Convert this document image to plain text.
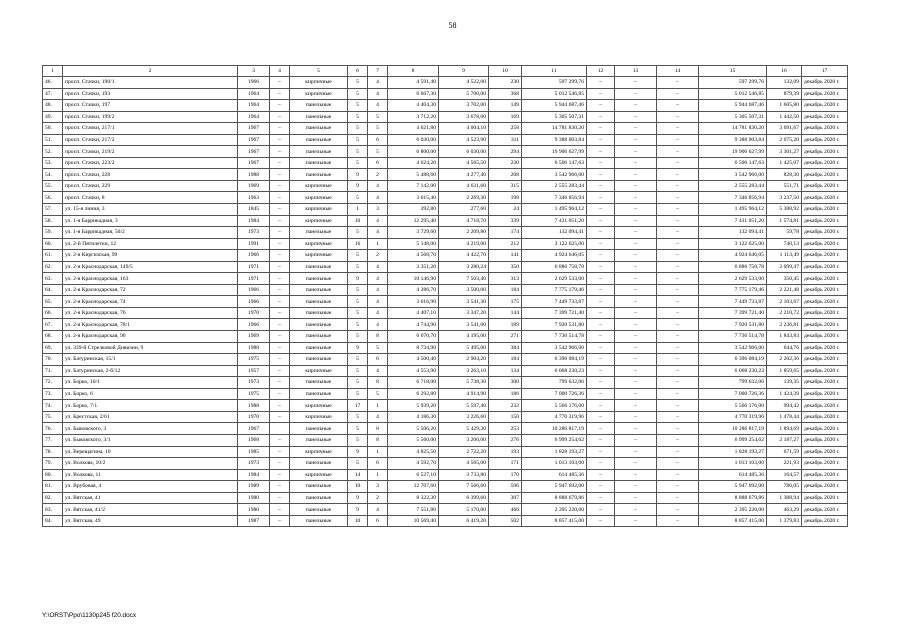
58
1	2	3	4	5	6	7	8	9	10	11	12	13	14	15	16	17
46.	просп. Стачки, 190/1	1966	–	кирпичные	5	4	4 591,40	4 522,00	230	597 299,76	–	–	–	597 299,76	132,09	декабрь 2020 г.
47.	просп. Стачки, 193	1964	–	кирпичные	5	4	6 667,30	5 700,00	368	5 012 546,85	–	–	–	5 012 546,85	879,39	декабрь 2020 г.
48.	просп. Стачки, 197	1964	–	панельные	5	4	4 404,30	3 702,00	149	5 944 687,46	–	–	–	5 944 687,46	1 605,80	декабрь 2020 г.
49.	просп. Стачки, 199/2	1964	–	панельные	5	5	3 712,20	3 678,00	169	5 305 507,31	–	–	–	5 305 507,31	1 442,50	декабрь 2020 г.
50.	просп. Стачки, 217/1	1967	–	панельные	5	5	4 621,80	4 004,10	258	14 781 830,20	–	–	–	14 781 830,20	3 691,67	декабрь 2020 г.
51.	просп. Стачки, 217/2	1967	–	панельные	5	6	6 030,00	4 523,90	311	9 388 003,84	–	–	–	9 388 003,84	2 075,20	декабрь 2020 г.
52.	просп. Стачки, 219/2	1967	–	панельные	5	5	6 800,00	6 030,00	294	19 906 627,99	–	–	–	19 906 627,99	3 301,27	декабрь 2020 г.
53.	просп. Стачки, 223/2	1967	–	панельные	5	6	4 624,20	4 565,50	230	6 506 147,63	–	–	–	6 506 147,63	1 425,07	декабрь 2020 г.
54.	просп. Стачки, 228	1988	–	панельные	9	2	5 488,60	4 277,40	208	3 542 966,00	–	–	–	3 542 966,00	828,30	декабрь 2020 г.
55.	просп. Стачки, 229	1969	–	кирпичные	9	4	7 142,00	4 631,60	315	2 555 283,44	–	–	–	2 555 283,44	551,71	декабрь 2020 г.
56.	просп. Стачки, 8	1963	–	кирпичные	5	4	3 615,40	2 269,30	198	7 346 856,94	–	–	–	7 346 856,94	3 237,50	декабрь 2020 г.
57.	ул. 15-я линия, 3	1845	–	кирпичные	1	3	392,80	277,60	24	1 495 964,12	–	–	–	1 495 964,12	5 388,92	декабрь 2020 г.
58.	ул. 1-я Баррикадная, 3	1984	–	кирпичные	10	4	12 295,40	4 718,70	339	7 431 051,20	–	–	–	7 431 051,20	1 574,81	декабрь 2020 г.
59.	ул. 1-я Баррикадная, 50/2	1973	–	панельные	5	4	3 729,60	2 209,80	174	132 094,41	–	–	–	132 094,41	59,78	декабрь 2020 г.
60.	ул. 2-й Пятилетки, 12	1991	–	кирпичные	16	1	5 148,00	4 219,00	212	3 122 625,00	–	–	–	3 122 625,00	740,13	декабрь 2020 г.
61.	ул. 2-я Киргизская, 99	1966	–	кирпичные	5	2	4 568,70	4 422,70	141	4 924 646,05	–	–	–	4 924 646,05	1 113,49	декабрь 2020 г.
62.	ул. 2-я Краснодарская, 149/5	1971	–	панельные	5	4	3 351,20	3 280,24	350	6 886 758,78	–	–	–	6 886 758,78	2 099,47	декабрь 2020 г.
63.	ул. 2-я Краснодарская, 163	1971	–	панельные	9	4	10 146,90	7 503,40	313	2 629 533,00	–	–	–	2 629 533,00	350,45	декабрь 2020 г.
64.	ул. 2-я Краснодарская, 72	1966	–	панельные	5	4	4 286,70	3 500,00	184	7 775 179,46	–	–	–	7 775 179,46	2 221,48	декабрь 2020 г.
65.	ул. 2-я Краснодарская, 74	1966	–	панельные	5	4	3 616,90	3 541,30	175	7 449 733,87	–	–	–	7 449 733,87	2 103,67	декабрь 2020 г.
66.	ул. 2-я Краснодарская, 76	1970	–	панельные	5	4	4 407,10	3 347,20	144	7 399 721,40	–	–	–	7 399 721,40	2 210,72	декабрь 2020 г.
67.	ул. 2-я Краснодарская, 78/1	1966	–	панельные	5	4	4 744,90	3 541,00	189	7 920 531,80	–	–	–	7 920 531,80	2 236,81	декабрь 2020 г.
68.	ул. 2-я Краснодарская, 90	1969	–	панельные	5	8	6 070,70	4 195,00	271	7 736 514,78	–	–	–	7 736 514,78	1 843,83	декабрь 2020 г.
69.	ул. 339-й Стрелковой Дивизии, 9	1988	–	панельные	9	5	8 734,90	5 495,00	384	3 542 966,00	–	–	–	3 542 966,00	644,76	декабрь 2020 г.
70.	ул. Батуринская, 15/1	1975	–	панельные	5	6	4 500,40	2 904,20	184	6 396 084,19	–	–	–	6 396 084,19	2 202,36	декабрь 2020 г.
71.	ул. Батуринская, 2-б/12	1957	–	кирпичные	5	4	4 553,90	3 263,10	134	6 068 230,23	–	–	–	6 068 230,23	1 859,65	декабрь 2020 г.
72.	ул. Борко, 10/1	1973	–	панельные	5	8	6 718,00	5 738,30	300	799 632,06	–	–	–	799 632,06	139,35	декабрь 2020 г.
73.	ул. Борко, 6	1975	–	панельные	5	5	6 292,80	4 914,90	186	7 000 726,36	–	–	–	7 000 726,36	1 424,39	декабрь 2020 г.
74.	ул. Борко, 7/1	1988	–	кирпичные	17	1	5 939,20	5 597,40	232	5 566 176,00	–	–	–	5 566 176,00	994,42	декабрь 2020 г.
75.	ул. Брестская, 2/61	1970	–	кирпичные	5	4	4 186,30	3 226,60	150	4 770 319,96	–	–	–	4 770 319,96	1 478,44	декабрь 2020 г.
76.	ул. Быковского, 3	1967		панельные	5	8	5 506,20	5 429,30	253	10 286 817,19	–	–	–	10 286 817,19	1 894,69	декабрь 2020 г.
77.	ул. Быковского, 3/1	1968	–	панельные	5	8	5 560,00	3 200,00	276	6 999 254,62	–	–	–	6 999 254,62	2 187,27	декабрь 2020 г.
78.	ул. Верещагина, 10	1985	–	кирпичные	9	1	4 825,50	2 722,20	193	1 828 193,27	–	–	–	1 828 193,27	671,59	декабрь 2020 г.
79.	ул. Волкова, 10/2	1973	–	панельные	5	6	4 592,70	4 565,00	171	1 013 103,00	–	–	–	1 013 103,00	221,93	декабрь 2020 г.
80.	ул. Волкова, 11	1984	–	кирпичные	14	1	6 527,10	3 733,80	170	614 485,36	–	–	–	614 485,36	164,57	декабрь 2020 г.
81.	ул. Врубовая, 4	1989	–	панельные	10	3	12 707,60	7 566,60	596	5 947 692,00	–	–	–	5 947 692,00	786,05	декабрь 2020 г.
82.	ул. Вятская, 41	1980	–	панельные	9	2	8 322,30	6 399,60	307	8 888 679,86	–	–	–	8 888 679,86	1 388,94	декабрь 2020 г.
83.	ул. Вятская, 41/2	1980	–	панельные	9	4	7 551,80	5 170,00	466	2 395 220,00	–	–	–	2 395 220,00	463,29	декабрь 2020 г.
84.	ул. Вятская, 49	1987	–	панельные	10	6	10 569,40	6 419,20	502	8 857 415,00	–	–	–	8 857 415,00	1 379,83	декабрь 2020 г.
Y:\ORST\Ppo\1130p245 f20.docx
